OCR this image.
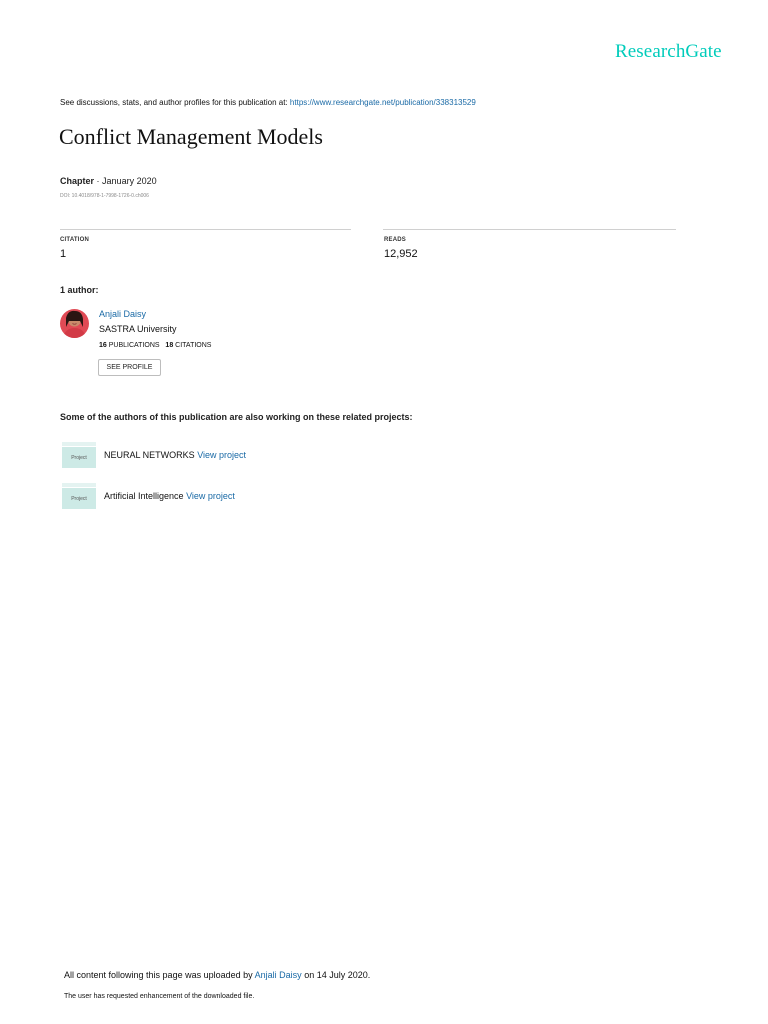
ResearchGate
See discussions, stats, and author profiles for this publication at: https://www.researchgate.net/publication/338313529
Conflict Management Models
Chapter · January 2020
DOI: 10.4018/978-1-7998-1726-0.ch006
CITATION
1
READS
12,952
1 author:
Anjali Daisy
SASTRA University
16 PUBLICATIONS 18 CITATIONS
SEE PROFILE
Some of the authors of this publication are also working on these related projects:
Project	NEURAL NETWORKS View project
Project	Artificial Intelligence View project
All content following this page was uploaded by Anjali Daisy on 14 July 2020.
The user has requested enhancement of the downloaded file.
